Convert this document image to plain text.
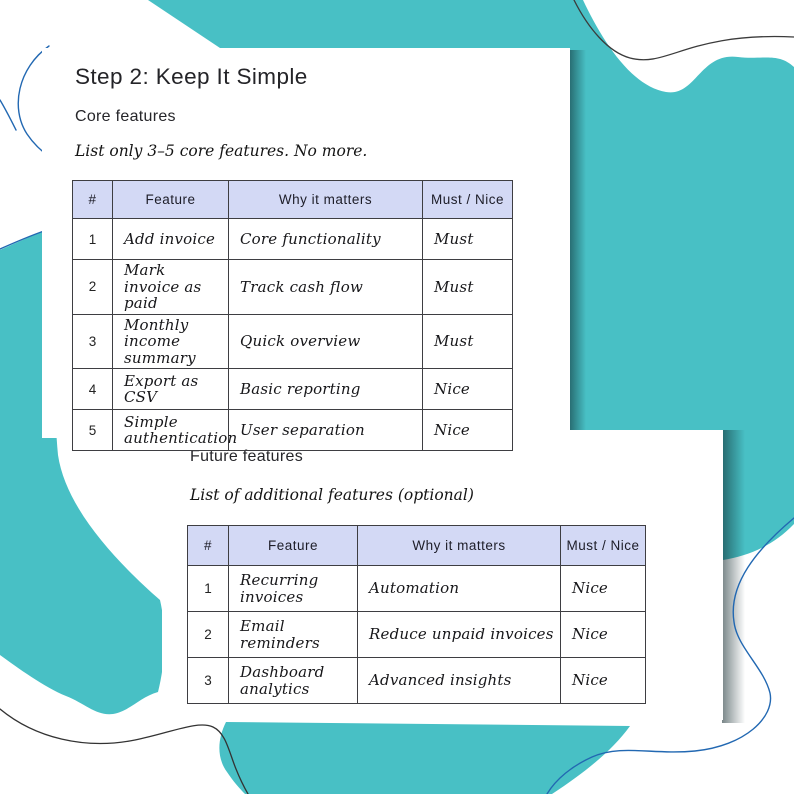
Future features
List of additional features (optional)
#	Feature	Why it matters	Must / Nice
1	Recurring invoices	Automation	Nice
2	Email reminders	Reduce unpaid invoices	Nice
3	Dashboard analytics	Advanced insights	Nice
Step 2: Keep It Simple
Core features
List only 3–5 core features. No more.
#	Feature	Why it matters	Must / Nice
1	Add invoice	Core functionality	Must
2	Mark invoice as paid	Track cash flow	Must
3	Monthly income summary	Quick overview	Must
4	Export as CSV	Basic reporting	Nice
5	Simple authentication	User separation	Nice
